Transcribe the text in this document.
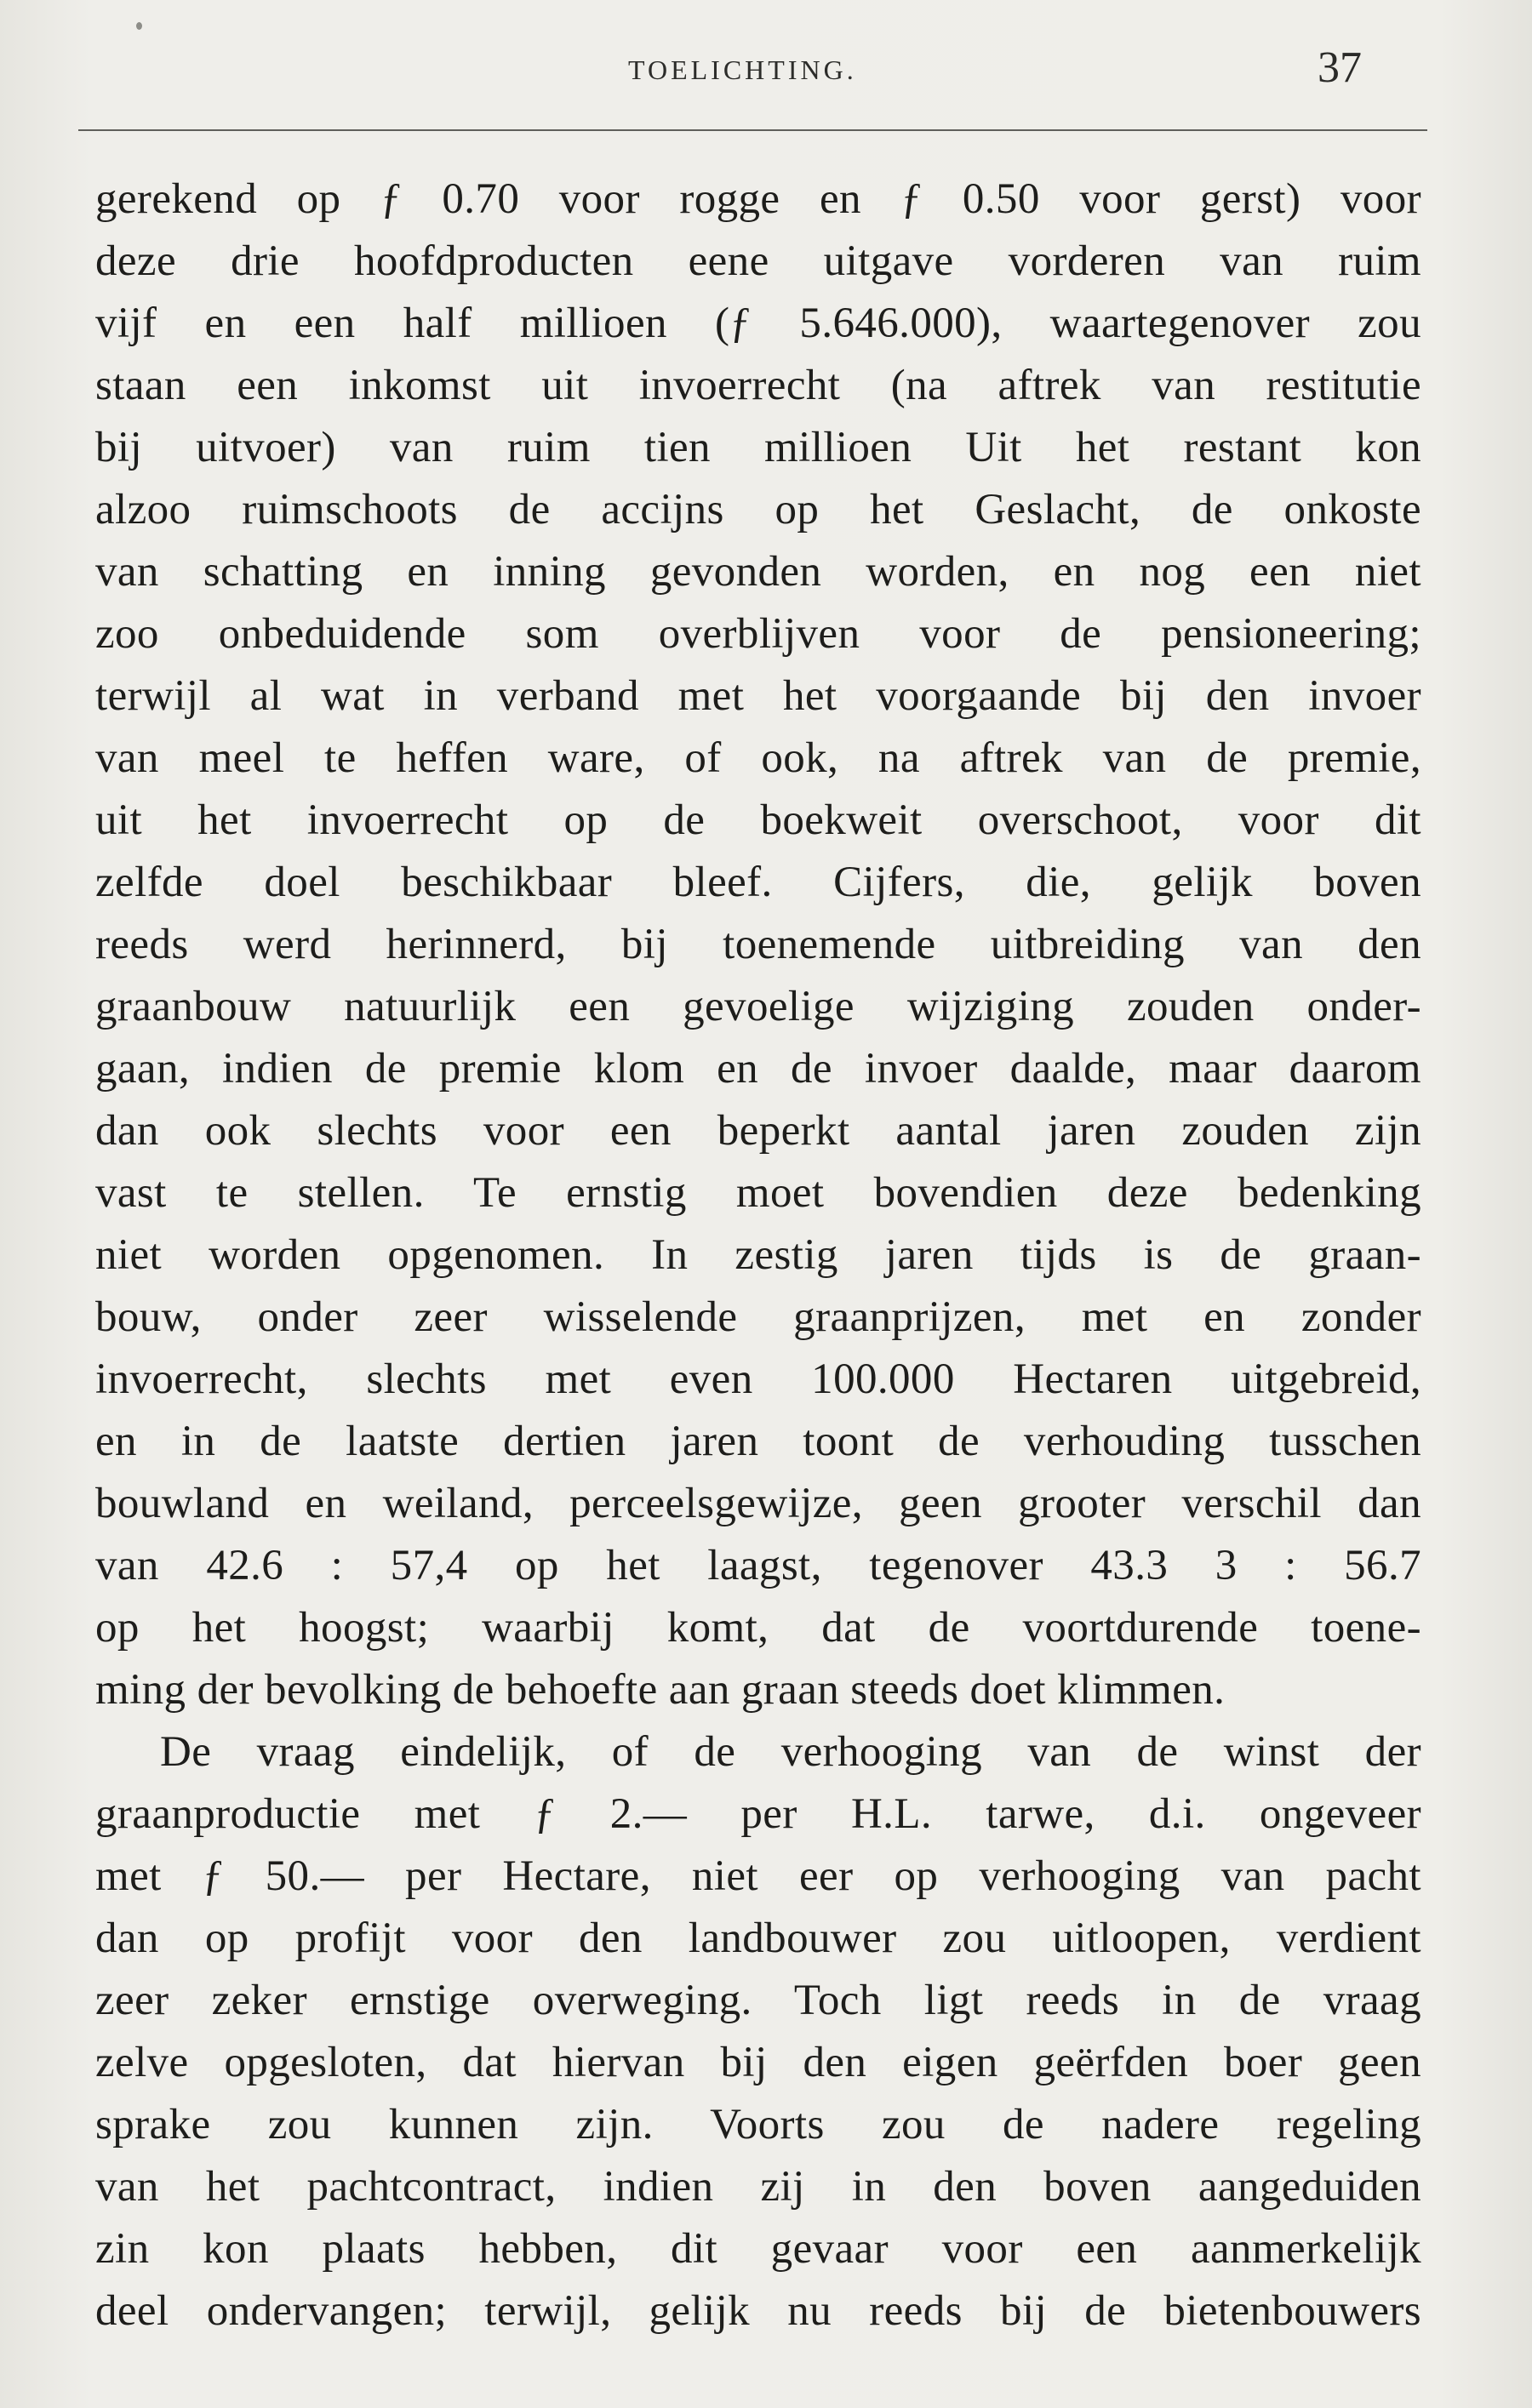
TOELICHTING.	37
gerekend op ƒ 0.70 voor rogge en ƒ 0.50 voor gerst) voor
deze drie hoofdproducten eene uitgave vorderen van ruim
vijf en een half millioen (ƒ 5.646.000), waartegenover zou
staan een inkomst uit invoerrecht (na aftrek van restitutie
bij uitvoer) van ruim tien millioen Uit het restant kon
alzoo ruimschoots de accijns op het Geslacht, de onkoste
van schatting en inning gevonden worden, en nog een niet
zoo onbeduidende som overblijven voor de pensioneering;
terwijl al wat in verband met het voorgaande bij den invoer
van meel te heffen ware, of ook, na aftrek van de premie,
uit het invoerrecht op de boekweit overschoot, voor dit
zelfde doel beschikbaar bleef. Cijfers, die, gelijk boven
reeds werd herinnerd, bij toenemende uitbreiding van den
graanbouw natuurlijk een gevoelige wijziging zouden onder-
gaan, indien de premie klom en de invoer daalde, maar daarom
dan ook slechts voor een beperkt aantal jaren zouden zijn
vast te stellen. Te ernstig moet bovendien deze bedenking
niet worden opgenomen. In zestig jaren tijds is de graan-
bouw, onder zeer wisselende graanprijzen, met en zonder
invoerrecht, slechts met even 100.000 Hectaren uitgebreid,
en in de laatste dertien jaren toont de verhouding tusschen
bouwland en weiland, perceelsgewijze, geen grooter verschil dan
van 42.6 : 57,4 op het laagst, tegenover 43.3 3 : 56.7
op het hoogst; waarbij komt, dat de voortdurende toene-
ming der bevolking de behoefte aan graan steeds doet klimmen.
De vraag eindelijk, of de verhooging van de winst der
graanproductie met ƒ 2.— per H.L. tarwe, d.i. ongeveer
met ƒ 50.— per Hectare, niet eer op verhooging van pacht
dan op profijt voor den landbouwer zou uitloopen, verdient
zeer zeker ernstige overweging. Toch ligt reeds in de vraag
zelve opgesloten, dat hiervan bij den eigen geërfden boer geen
sprake zou kunnen zijn. Voorts zou de nadere regeling
van het pachtcontract, indien zij in den boven aangeduiden
zin kon plaats hebben, dit gevaar voor een aanmerkelijk
deel ondervangen; terwijl, gelijk nu reeds bij de bietenbouwers
